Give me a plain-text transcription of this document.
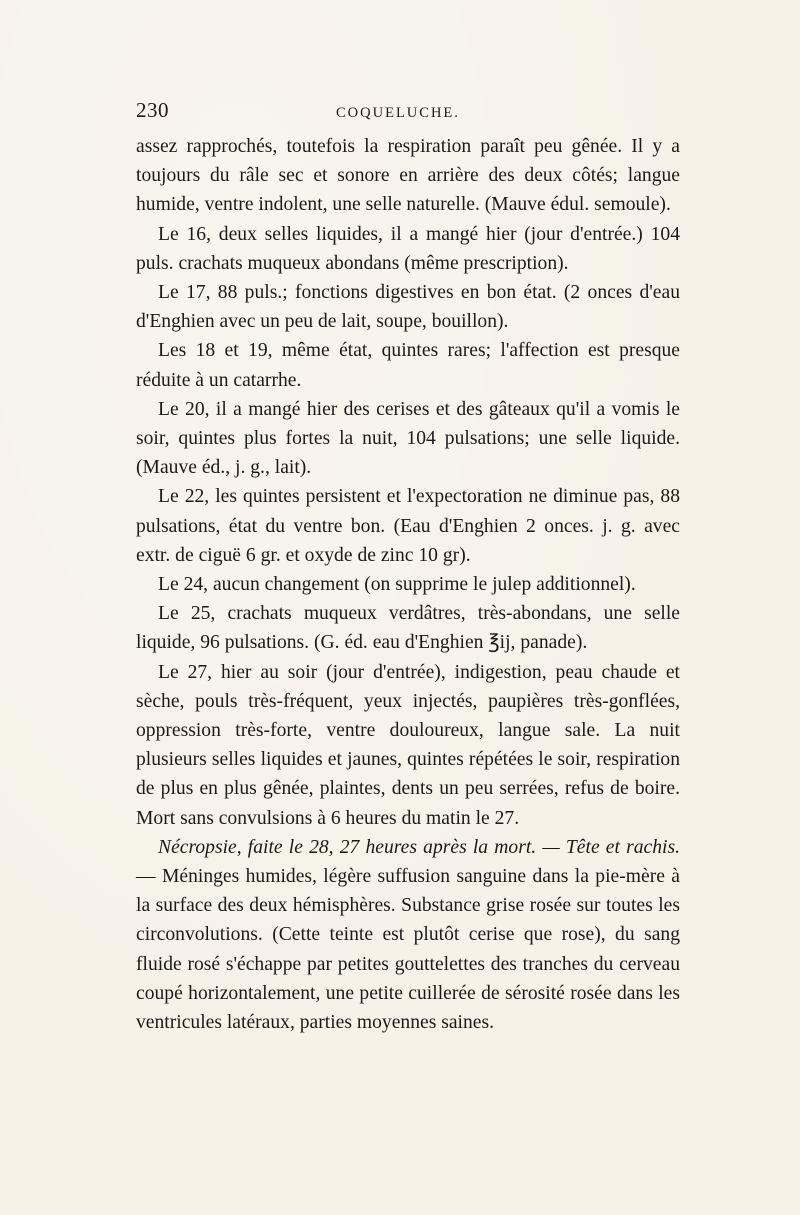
230	COQUELUCHE.

assez rapprochés, toutefois la respiration paraît peu gênée. Il y a toujours du râle sec et sonore en arrière des deux côtés; langue humide, ventre indolent, une selle naturelle. (Mauve édul. semoule).

Le 16, deux selles liquides, il a mangé hier (jour d'entrée.) 104 puls. crachats muqueux abondans (même prescription).

Le 17, 88 puls.; fonctions digestives en bon état. (2 onces d'eau d'Enghien avec un peu de lait, soupe, bouillon).

Les 18 et 19, même état, quintes rares; l'affection est presque réduite à un catarrhe.

Le 20, il a mangé hier des cerises et des gâteaux qu'il a vomis le soir, quintes plus fortes la nuit, 104 pulsations; une selle liquide. (Mauve éd., j. g., lait).

Le 22, les quintes persistent et l'expectoration ne diminue pas, 88 pulsations, état du ventre bon. (Eau d'Enghien 2 onces. j. g. avec extr. de ciguë 6 gr. et oxyde de zinc 10 gr).

Le 24, aucun changement (on supprime le julep additionnel).

Le 25, crachats muqueux verdâtres, très-abondans, une selle liquide, 96 pulsations. (G. éd. eau d'Enghien ℥ij, panade).

Le 27, hier au soir (jour d'entrée), indigestion, peau chaude et sèche, pouls très-fréquent, yeux injectés, paupières très-gonflées, oppression très-forte, ventre douloureux, langue sale. La nuit plusieurs selles liquides et jaunes, quintes répétées le soir, respiration de plus en plus gênée, plaintes, dents un peu serrées, refus de boire. Mort sans convulsions à 6 heures du matin le 27.

Nécropsie, faite le 28, 27 heures après la mort. — Tête et rachis. — Méninges humides, légère suffusion sanguine dans la pie-mère à la surface des deux hémisphères. Substance grise rosée sur toutes les circonvolutions. (Cette teinte est plutôt cerise que rose), du sang fluide rosé s'échappe par petites gouttelettes des tranches du cerveau coupé horizontalement, une petite cuillerée de sérosité rosée dans les ventricules latéraux, parties moyennes saines.
